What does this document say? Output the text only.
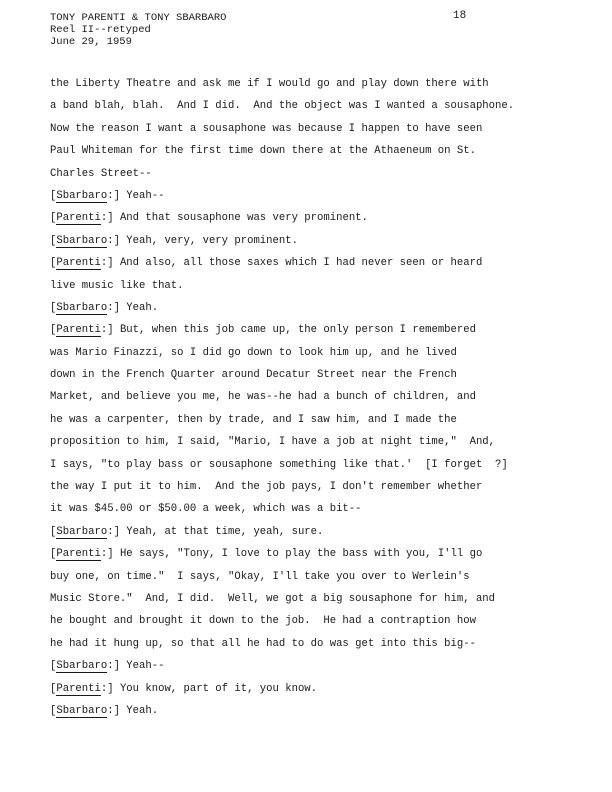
TONY PARENTI & TONY SBARBARO
Reel II--retyped
June 29, 1959
18
the Liberty Theatre and ask me if I would go and play down there with
a band blah, blah.  And I did.  And the object was I wanted a sousaphone.
Now the reason I want a sousaphone was because I happen to have seen
Paul Whiteman for the first time down there at the Athaeneum on St.
Charles Street--
[Sbarbaro:] Yeah--
[Parenti:] And that sousaphone was very prominent.
[Sbarbaro:] Yeah, very, very prominent.
[Parenti:] And also, all those saxes which I had never seen or heard
live music like that.
[Sbarbaro:] Yeah.
[Parenti:] But, when this job came up, the only person I remembered
was Mario Finazzi, so I did go down to look him up, and he lived
down in the French Quarter around Decatur Street near the French
Market, and believe you me, he was--he had a bunch of children, and
he was a carpenter, then by trade, and I saw him, and I made the
proposition to him, I said, "Mario, I have a job at night time,"  And,
I says, "to play bass or sousaphone something like that.'  [I forget  ?]
the way I put it to him.  And the job pays, I don't remember whether
it was $45.00 or $50.00 a week, which was a bit--
[Sbarbaro:] Yeah, at that time, yeah, sure.
[Parenti:] He says, "Tony, I love to play the bass with you, I'll go
buy one, on time."  I says, "Okay, I'll take you over to Werlein's
Music Store."  And, I did.  Well, we got a big sousaphone for him, and
he bought and brought it down to the job.  He had a contraption how
he had it hung up, so that all he had to do was get into this big--
[Sbarbaro:] Yeah--
[Parenti:] You know, part of it, you know.
[Sbarbaro:] Yeah.
